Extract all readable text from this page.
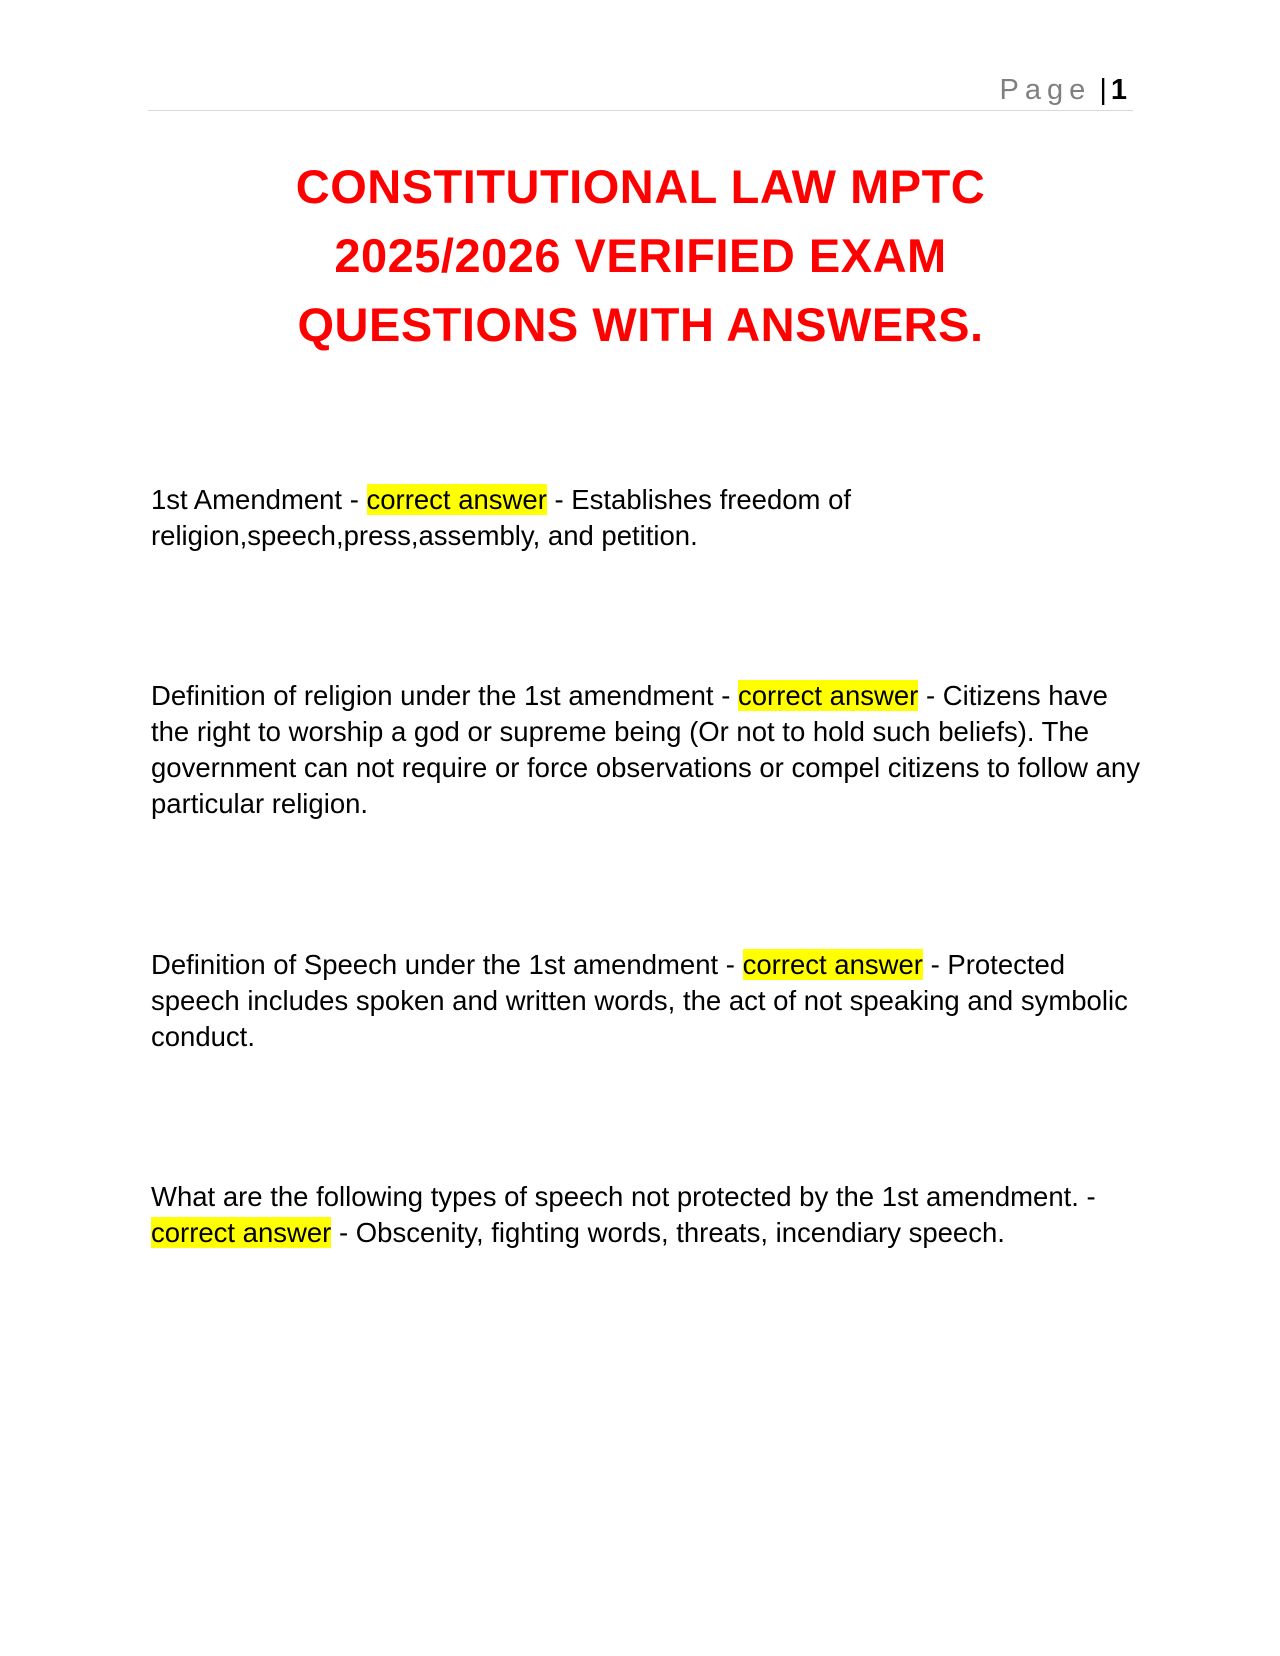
Page | 1
CONSTITUTIONAL LAW MPTC
2025/2026 VERIFIED EXAM
QUESTIONS WITH ANSWERS.

1st Amendment - correct answer - Establishes freedom of religion,speech,press,assembly, and petition.

Definition of religion under the 1st amendment - correct answer - Citizens have the right to worship a god or supreme being (Or not to hold such beliefs). The government can not require or force observations or compel citizens to follow any particular religion.

Definition of Speech under the 1st amendment - correct answer - Protected speech includes spoken and written words, the act of not speaking and symbolic conduct.

What are the following types of speech not protected by the 1st amendment. - correct answer - Obscenity, fighting words, threats, incendiary speech.
